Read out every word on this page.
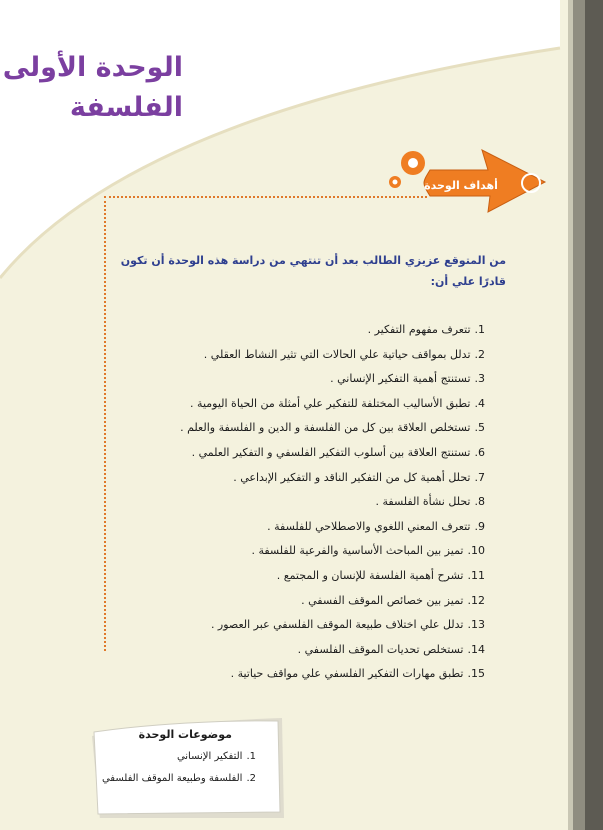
الوحدة الأولى
الفلسفة
أهداف الوحدة
من المتوقع عزيزي الطالب بعد أن تنتهي من دراسة هذه الوحدة أن تكون قادرًا علي أن:
1.تتعرف مفهوم التفكير .
2.تدلل بمواقف حياتية علي الحالات التي تثير النشاط العقلي .
3.تستنتج أهمية التفكير الإنساني .
4.تطبق الأساليب المختلفة للتفكير علي أمثلة من الحياة اليومية .
5.تستخلص العلاقة بين كل من الفلسفة و الدين و الفلسفة والعلم .
6.تستنتج العلاقة بين أسلوب التفكير الفلسفي و التفكير العلمي .
7.تحلل أهمية كل من التفكير الناقد و التفكير الإبداعي .
8.تحلل نشأة الفلسفة .
9.تتعرف المعني اللغوي والاصطلاحي للفلسفة .
10.تميز بين المباحث الأساسية والفرعية للفلسفة .
11.تشرح أهمية الفلسفة للإنسان و المجتمع .
12.تميز بين خصائص الموقف الفسفي .
13.تدلل علي اختلاف طبيعة الموقف الفلسفي عبر العصور .
14.تستخلص تحديات الموقف الفلسفي .
15.تطبق مهارات التفكير الفلسفي علي مواقف حياتية .
موضوعات الوحدة
1.التفكير الإنساني
2.الفلسفة وطبيعة الموقف الفلسفي
